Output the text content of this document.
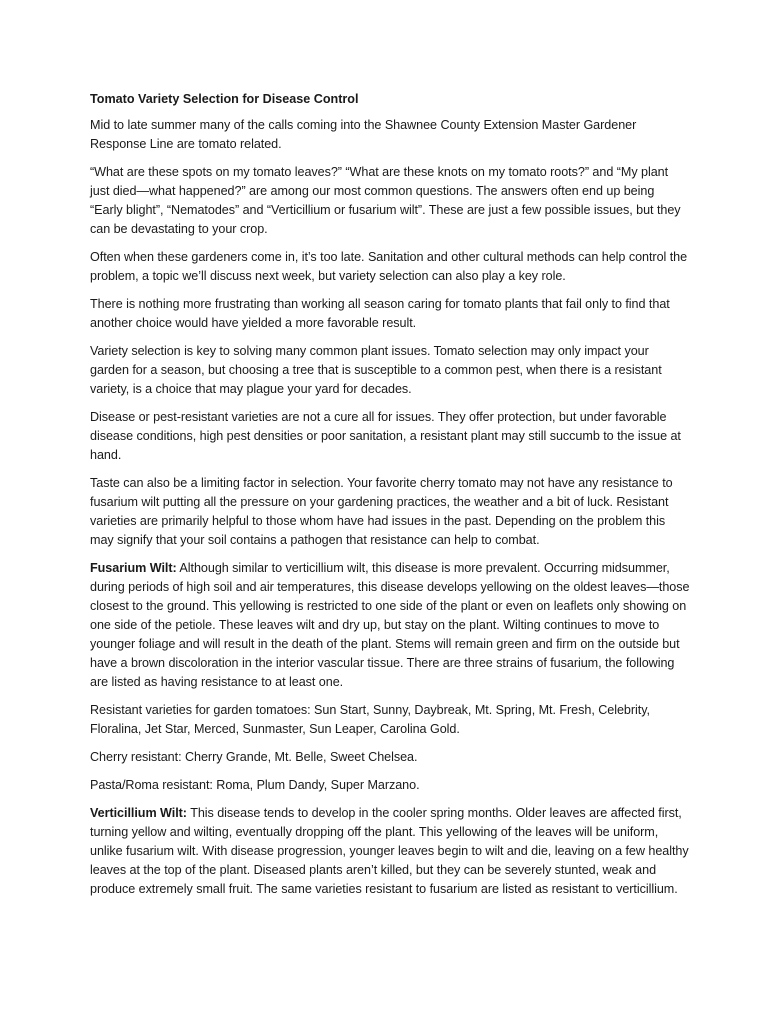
Tomato Variety Selection for Disease Control

Mid to late summer many of the calls coming into the Shawnee County Extension Master Gardener Response Line are tomato related.

“What are these spots on my tomato leaves?” “What are these knots on my tomato roots?” and “My plant just died—what happened?” are among our most common questions. The answers often end up being “Early blight”, “Nematodes” and “Verticillium or fusarium wilt”. These are just a few possible issues, but they can be devastating to your crop.

Often when these gardeners come in, it’s too late. Sanitation and other cultural methods can help control the problem, a topic we’ll discuss next week, but variety selection can also play a key role.

There is nothing more frustrating than working all season caring for tomato plants that fail only to find that another choice would have yielded a more favorable result.

Variety selection is key to solving many common plant issues. Tomato selection may only impact your garden for a season, but choosing a tree that is susceptible to a common pest, when there is a resistant variety, is a choice that may plague your yard for decades.

Disease or pest-resistant varieties are not a cure all for issues. They offer protection, but under favorable disease conditions, high pest densities or poor sanitation, a resistant plant may still succumb to the issue at hand.

Taste can also be a limiting factor in selection. Your favorite cherry tomato may not have any resistance to fusarium wilt putting all the pressure on your gardening practices, the weather and a bit of luck. Resistant varieties are primarily helpful to those whom have had issues in the past. Depending on the problem this may signify that your soil contains a pathogen that resistance can help to combat.

Fusarium Wilt: Although similar to verticillium wilt, this disease is more prevalent. Occurring midsummer, during periods of high soil and air temperatures, this disease develops yellowing on the oldest leaves—those closest to the ground. This yellowing is restricted to one side of the plant or even on leaflets only showing on one side of the petiole. These leaves wilt and dry up, but stay on the plant. Wilting continues to move to younger foliage and will result in the death of the plant. Stems will remain green and firm on the outside but have a brown discoloration in the interior vascular tissue. There are three strains of fusarium, the following are listed as having resistance to at least one.

Resistant varieties for garden tomatoes: Sun Start, Sunny, Daybreak, Mt. Spring, Mt. Fresh, Celebrity, Floralina, Jet Star, Merced, Sunmaster, Sun Leaper, Carolina Gold.

Cherry resistant: Cherry Grande, Mt. Belle, Sweet Chelsea.

Pasta/Roma resistant: Roma, Plum Dandy, Super Marzano.

Verticillium Wilt: This disease tends to develop in the cooler spring months. Older leaves are affected first, turning yellow and wilting, eventually dropping off the plant. This yellowing of the leaves will be uniform, unlike fusarium wilt. With disease progression, younger leaves begin to wilt and die, leaving on a few healthy leaves at the top of the plant. Diseased plants aren’t killed, but they can be severely stunted, weak and produce extremely small fruit. The same varieties resistant to fusarium are listed as resistant to verticillium.
